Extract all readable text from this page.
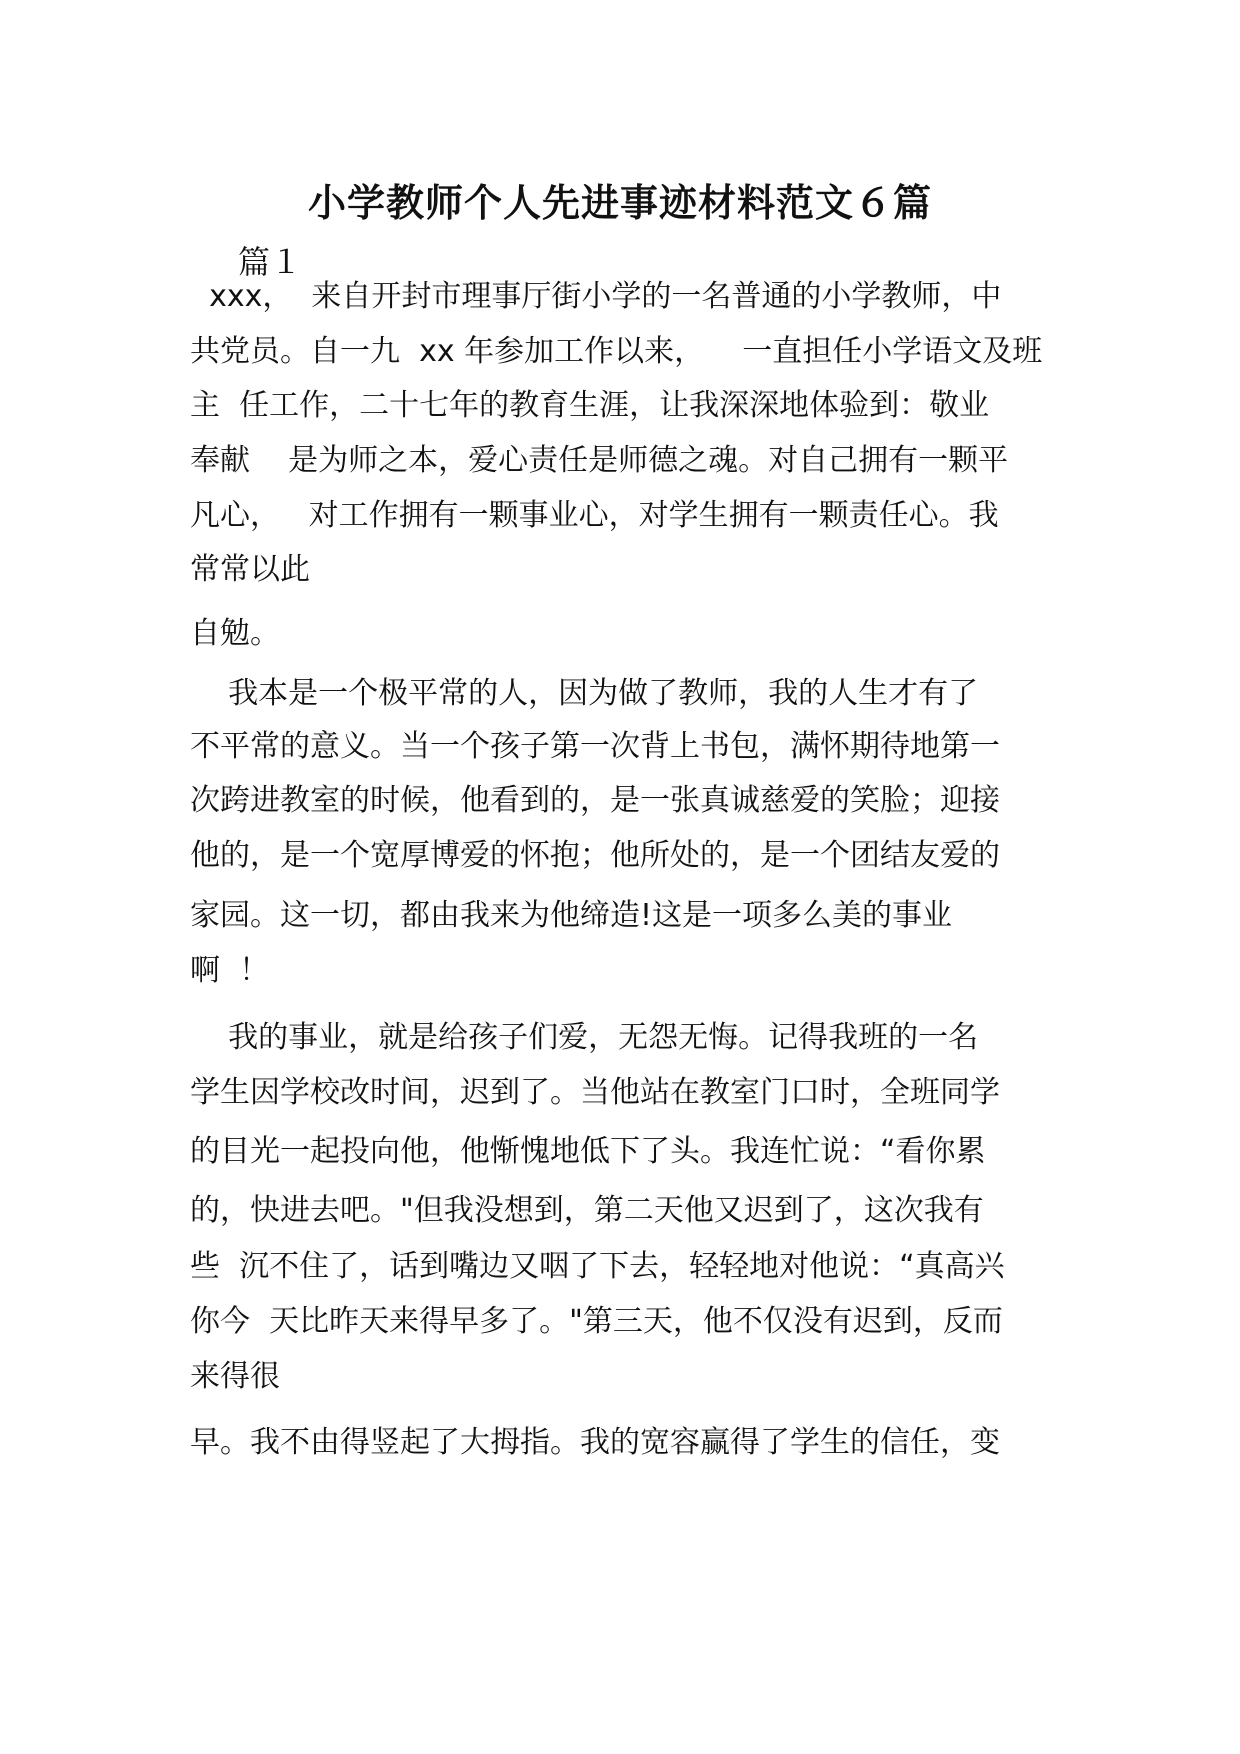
小学教师个人先进事迹材料范文６篇
篇１
xxx，  来自开封市理事厅街小学的一名普通的小学教师，中
共党员。自一九  xx 年参加工作以来，    一直担任小学语文及班
主  任工作，二十七年的教育生涯，让我深深地体验到：敬业
奉献    是为师之本，爱心责任是师德之魂。对自己拥有一颗平
凡心，   对工作拥有一颗事业心，对学生拥有一颗责任心。我
常常以此
自勉。
我本是一个极平常的人，因为做了教师，我的人生才有了
不平常的意义。当一个孩子第一次背上书包，满怀期待地第一
次跨进教室的时候，他看到的，是一张真诚慈爱的笑脸；迎接
他的，是一个宽厚博爱的怀抱；他所处的，是一个团结友爱的
家园。这一切，都由我来为他缔造!这是一项多么美的事业
啊  ！
我的事业，就是给孩子们爱，无怨无悔。记得我班的一名
学生因学校改时间，迟到了。当他站在教室门口时，全班同学
的目光一起投向他，他惭愧地低下了头。我连忙说：“看你累
的，快进去吧。"但我没想到，第二天他又迟到了，这次我有
些  沉不住了，话到嘴边又咽了下去，轻轻地对他说：“真高兴
你今  天比昨天来得早多了。"第三天，他不仅没有迟到，反而
来得很
早。我不由得竖起了大拇指。我的宽容赢得了学生的信任，变
